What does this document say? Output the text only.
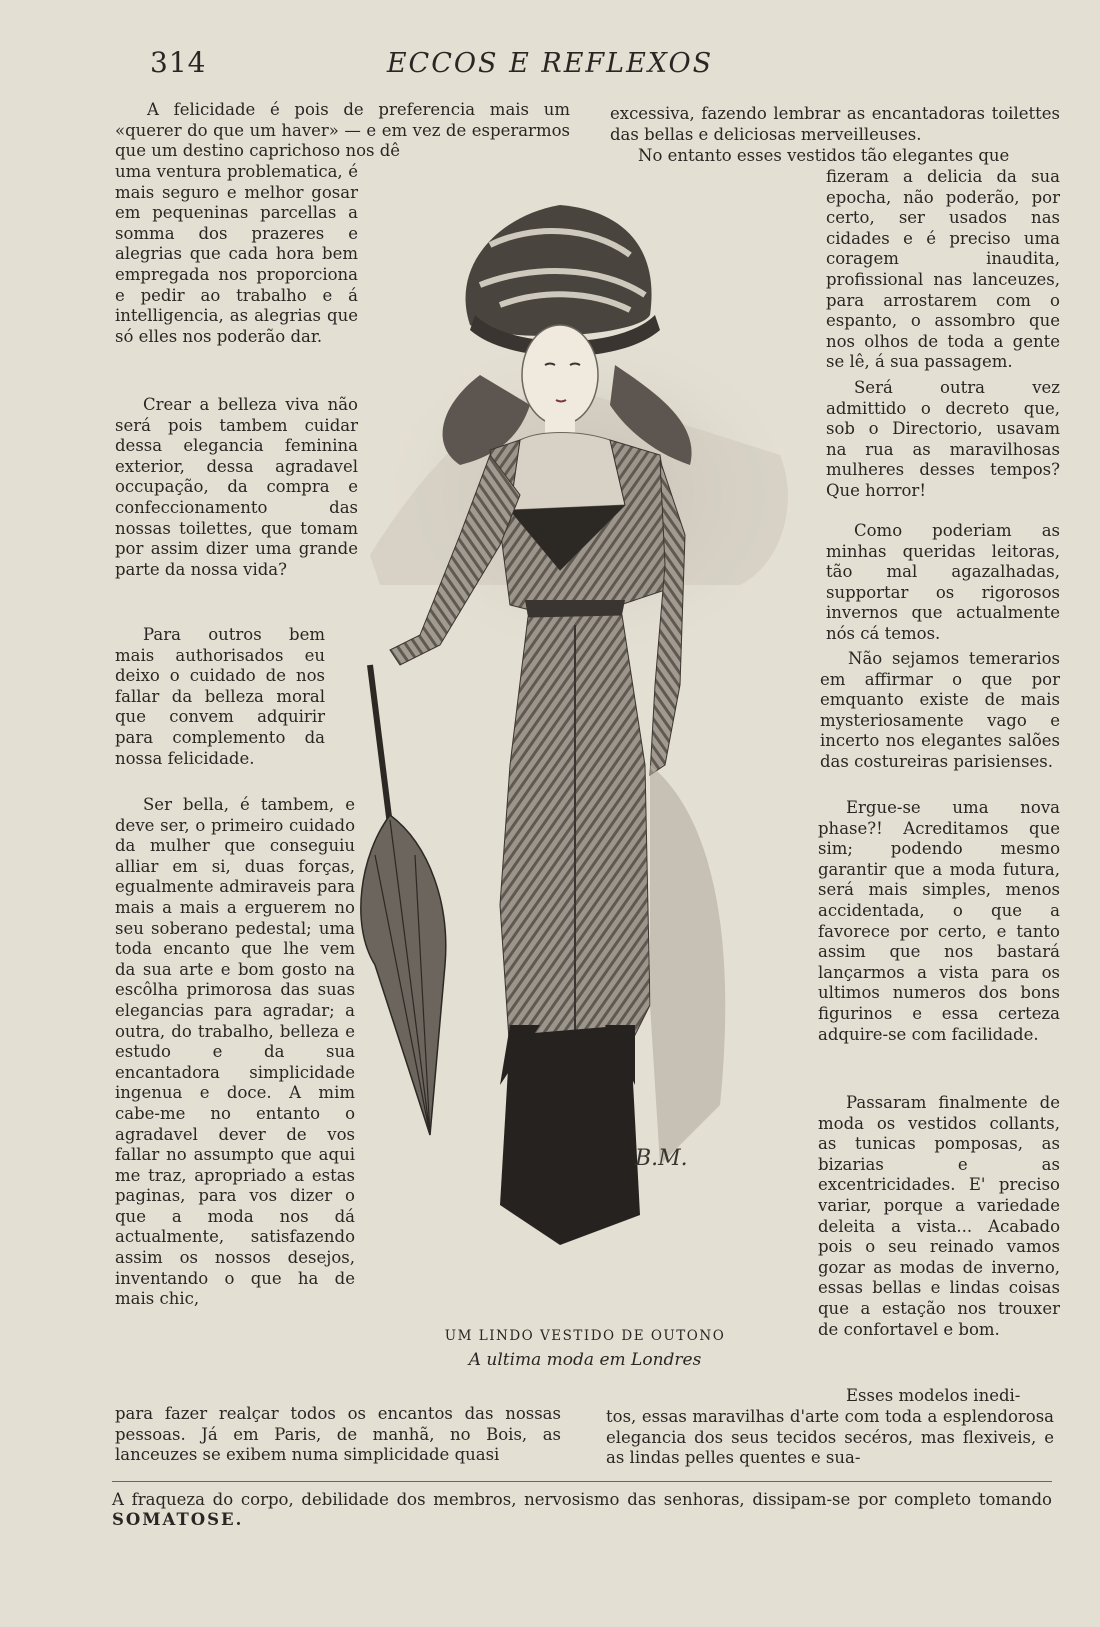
314	ECCOS E REFLEXOS

A felicidade é pois de preferencia mais um «querer do que um haver» — e em vez de esperarmos que um destino caprichoso nos dê

uma ventura problematica, é mais seguro e melhor gosar em pequeninas parcellas a somma dos prazeres e alegrias que cada hora bem empregada nos proporciona e pedir ao trabalho e á intelligencia, as alegrias que só elles nos poderão dar.

Crear a belleza viva não será pois tambem cuidar dessa elegancia feminina exterior, dessa agradavel occupação, da compra e confeccionamento das nossas toilettes, que tomam por assim dizer uma grande parte da nossa vida?

Para outros bem mais authorisados eu deixo o cuidado de nos fallar da belleza moral que convem adquirir para complemento da nossa felicidade.

Ser bella, é tambem, e deve ser, o primeiro cuidado da mulher que conseguiu alliar em si, duas forças, egualmente admiraveis para mais a mais a erguerem no seu soberano pedestal; uma toda encanto que lhe vem da sua arte e bom gosto na escôlha primorosa das suas elegancias para agradar; a outra, do trabalho, belleza e estudo e da sua encantadora simplicidade ingenua e doce. A mim cabe-me no entanto o agradavel dever de vos fallar no assumpto que aqui me traz, apropriado a estas paginas, para vos dizer o que a moda nos dá actualmente, satisfazendo assim os nossos desejos, inventando o que ha de mais chic,

para fazer realçar todos os encantos das nossas pessoas. Já em Paris, de manhã, no Bois, as lanceuzes se exibem numa simplicidade quasi

excessiva, fazendo lembrar as encantadoras toilettes das bellas e deliciosas merveilleuses.

No entanto esses vestidos tão elegantes que

fizeram a delicia da sua epocha, não poderão, por certo, ser usados nas cidades e é preciso uma coragem inaudita, profissional nas lanceuzes, para arrostarem com o espanto, o assombro que nos olhos de toda a gente se lê, á sua passagem.

Será outra vez admittido o decreto que, sob o Directorio, usavam na rua as maravilhosas mulheres desses tempos? Que horror!

Como poderiam as minhas queridas leitoras, tão mal agazalhadas, supportar os rigorosos invernos que actualmente nós cá temos.

Não sejamos temerarios em affirmar o que por emquanto existe de mais mysteriosamente vago e incerto nos elegantes salões das costureiras parisienses.

Ergue-se uma nova phase?! Acreditamos que sim; podendo mesmo garantir que a moda futura, será mais simples, menos accidentada, o que a favorece por certo, e tanto assim que nos bastará lançarmos a vista para os ultimos numeros dos bons figurinos e essa certeza adquire-se com facilidade.

Passaram finalmente de moda os vestidos collants, as tunicas pomposas, as bizarias e as excentricidades. E' preciso variar, porque a variedade deleita a vista... Acabado pois o seu reinado vamos gozar as modas de inverno, essas bellas e lindas coisas que a estação nos trouxer de confortavel e bom.

Esses modelos inedi-

tos, essas maravilhas d'arte com toda a esplendorosa elegancia dos seus tecidos secéros, mas flexiveis, e as lindas pelles quentes e sua-

B.M.
UM LINDO VESTIDO DE OUTONO
A ultima moda em Londres
A fraqueza do corpo, debilidade dos membros, nervosismo das senhoras, dissipam-se por completo tomando SOMATOSE.
